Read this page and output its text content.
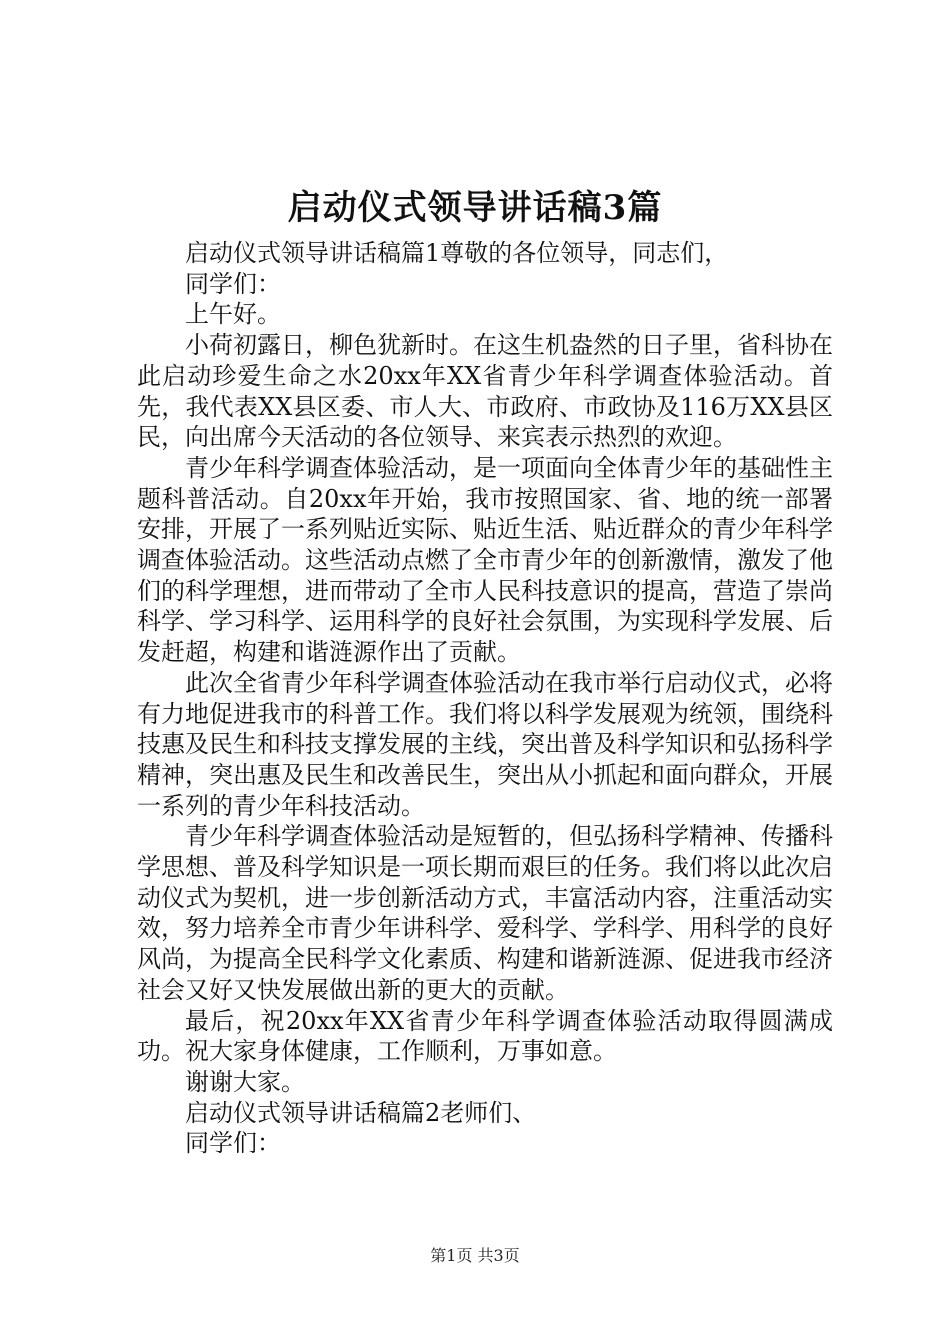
启动仪式领导讲话稿3篇

启动仪式领导讲话稿篇1尊敬的各位领导，同志们，

同学们：

上午好。

小荷初露日，柳色犹新时。在这生机盎然的日子里，省科协在此启动珍爱生命之水20xx年XX省青少年科学调查体验活动。首先，我代表XX县区委、市人大、市政府、市政协及116万XX县区民，向出席今天活动的各位领导、来宾表示热烈的欢迎。

青少年科学调查体验活动，是一项面向全体青少年的基础性主题科普活动。自20xx年开始，我市按照国家、省、地的统一部署安排，开展了一系列贴近实际、贴近生活、贴近群众的青少年科学调查体验活动。这些活动点燃了全市青少年的创新激情，激发了他们的科学理想，进而带动了全市人民科技意识的提高，营造了崇尚科学、学习科学、运用科学的良好社会氛围，为实现科学发展、后发赶超，构建和谐涟源作出了贡献。

此次全省青少年科学调查体验活动在我市举行启动仪式，必将有力地促进我市的科普工作。我们将以科学发展观为统领，围绕科技惠及民生和科技支撑发展的主线，突出普及科学知识和弘扬科学精神，突出惠及民生和改善民生，突出从小抓起和面向群众，开展一系列的青少年科技活动。

青少年科学调查体验活动是短暂的，但弘扬科学精神、传播科学思想、普及科学知识是一项长期而艰巨的任务。我们将以此次启动仪式为契机，进一步创新活动方式，丰富活动内容，注重活动实效，努力培养全市青少年讲科学、爱科学、学科学、用科学的良好风尚，为提高全民科学文化素质、构建和谐新涟源、促进我市经济社会又好又快发展做出新的更大的贡献。

最后，祝20xx年XX省青少年科学调查体验活动取得圆满成功。祝大家身体健康，工作顺利，万事如意。

谢谢大家。

启动仪式领导讲话稿篇2老师们、

同学们：

第1页 共3页
